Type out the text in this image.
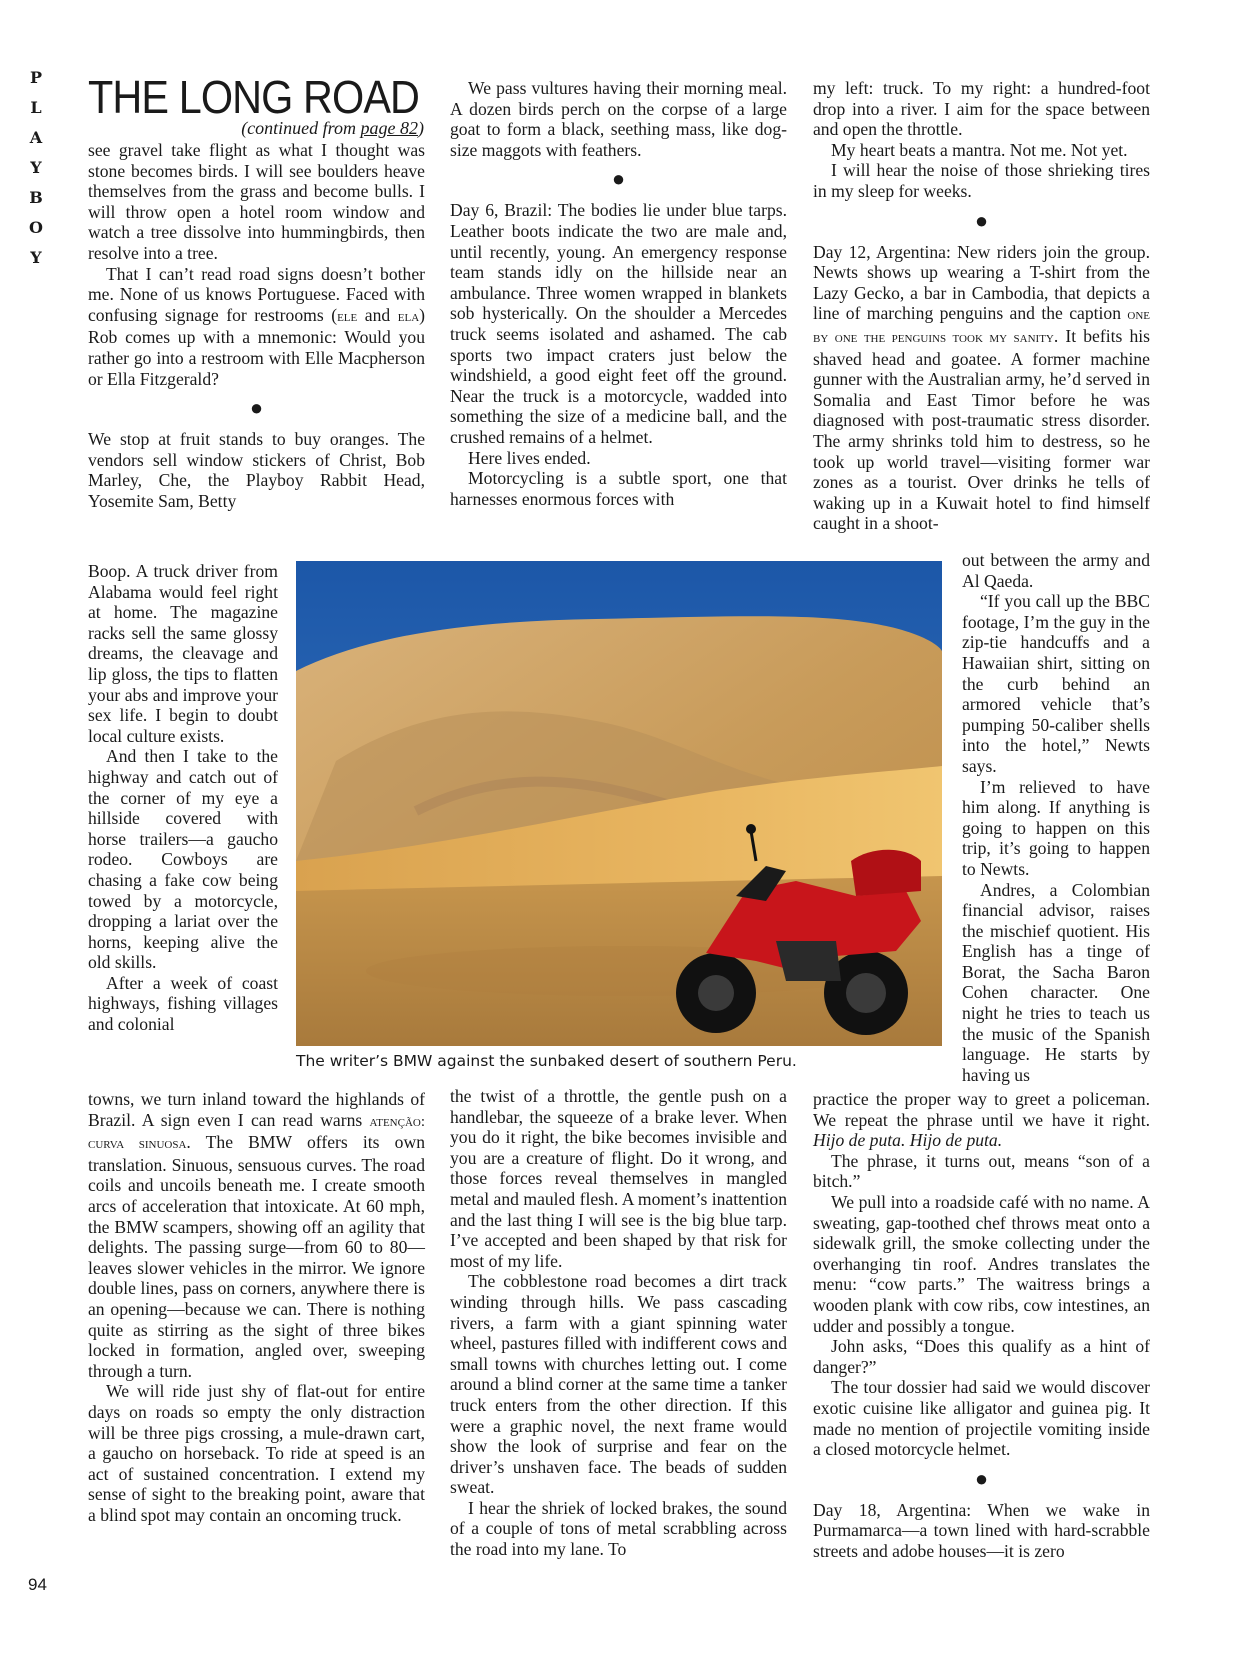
P
L
A
Y
B
O
Y
THE LONG ROAD
(continued from page 82)

see gravel take flight as what I thought was stone becomes birds. I will see boulders heave themselves from the grass and become bulls. I will throw open a hotel room window and watch a tree dissolve into hummingbirds, then resolve into a tree.

That I can’t read road signs doesn’t bother me. None of us knows Portuguese. Faced with confusing signage for restrooms (ele and ela) Rob comes up with a mnemonic: Would you rather go into a restroom with Elle Macpherson or Ella Fitzgerald?

●

We stop at fruit stands to buy oranges. The vendors sell window stickers of Christ, Bob Marley, Che, the Playboy Rabbit Head, Yosemite Sam, Betty

Boop. A truck driver from Alabama would feel right at home. The magazine racks sell the same glossy dreams, the cleavage and lip gloss, the tips to flatten your abs and improve your sex life. I begin to doubt local culture exists.

And then I take to the highway and catch out of the corner of my eye a hillside covered with horse trailers—a gaucho rodeo. Cowboys are chasing a fake cow being towed by a motorcycle, dropping a lariat over the horns, keeping alive the old skills.

After a week of coast highways, fishing villages and colonial

towns, we turn inland toward the highlands of Brazil. A sign even I can read warns atenção: curva sinuosa. The BMW offers its own translation. Sinuous, sensuous curves. The road coils and uncoils beneath me. I create smooth arcs of acceleration that intoxicate. At 60 mph, the BMW scampers, showing off an agility that delights. The passing surge—from 60 to 80—leaves slower vehicles in the mirror. We ignore double lines, pass on corners, anywhere there is an opening—because we can. There is nothing quite as stirring as the sight of three bikes locked in formation, angled over, sweeping through a turn.

We will ride just shy of flat-out for entire days on roads so empty the only distraction will be three pigs crossing, a mule-drawn cart, a gaucho on horseback. To ride at speed is an act of sustained concentration. I extend my sense of sight to the breaking point, aware that a blind spot may contain an oncoming truck.

We pass vultures having their morning meal. A dozen birds perch on the corpse of a large goat to form a black, seething mass, like dog-size maggots with feathers.

●

Day 6, Brazil: The bodies lie under blue tarps. Leather boots indicate the two are male and, until recently, young. An emergency response team stands idly on the hillside near an ambulance. Three women wrapped in blankets sob hysterically. On the shoulder a Mercedes truck seems isolated and ashamed. The cab sports two impact craters just below the windshield, a good eight feet off the ground. Near the truck is a motorcycle, wadded into something the size of a medicine ball, and the crushed remains of a helmet.

Here lives ended.

Motorcycling is a subtle sport, one that harnesses enormous forces with

the twist of a throttle, the gentle push on a handlebar, the squeeze of a brake lever. When you do it right, the bike becomes invisible and you are a creature of flight. Do it wrong, and those forces reveal themselves in mangled metal and mauled flesh. A moment’s inattention and the last thing I will see is the big blue tarp. I’ve accepted and been shaped by that risk for most of my life.

The cobblestone road becomes a dirt track winding through hills. We pass cascading rivers, a farm with a giant spinning water wheel, pastures filled with indifferent cows and small towns with churches letting out. I come around a blind corner at the same time a tanker truck enters from the other direction. If this were a graphic novel, the next frame would show the look of surprise and fear on the driver’s unshaven face. The beads of sudden sweat.

I hear the shriek of locked brakes, the sound of a couple of tons of metal scrabbling across the road into my lane. To

my left: truck. To my right: a hundred-foot drop into a river. I aim for the space between and open the throttle.

My heart beats a mantra. Not me. Not yet.

I will hear the noise of those shrieking tires in my sleep for weeks.

●

Day 12, Argentina: New riders join the group. Newts shows up wearing a T-shirt from the Lazy Gecko, a bar in Cambodia, that depicts a line of marching penguins and the caption one by one the penguins took my sanity. It befits his shaved head and goatee. A former machine gunner with the Australian army, he’d served in Somalia and East Timor before he was diagnosed with post-traumatic stress disorder. The army shrinks told him to destress, so he took up world travel—visiting former war zones as a tourist. Over drinks he tells of waking up in a Kuwait hotel to find himself caught in a shoot-

out between the army and Al Qaeda.

“If you call up the BBC footage, I’m the guy in the zip-tie handcuffs and a Hawaiian shirt, sitting on the curb behind an armored vehicle that’s pumping 50-caliber shells into the hotel,” Newts says.

I’m relieved to have him along. If anything is going to happen on this trip, it’s going to happen to Newts.

Andres, a Colombian financial advisor, raises the mischief quotient. His English has a tinge of Borat, the Sacha Baron Cohen character. One night he tries to teach us the music of the Spanish language. He starts by having us

practice the proper way to greet a policeman. We repeat the phrase until we have it right. Hijo de puta. Hijo de puta.

The phrase, it turns out, means “son of a bitch.”

We pull into a roadside café with no name. A sweating, gap-toothed chef throws meat onto a sidewalk grill, the smoke collecting under the overhanging tin roof. Andres translates the menu: “cow parts.” The waitress brings a wooden plank with cow ribs, cow intestines, an udder and possibly a tongue.

John asks, “Does this qualify as a hint of danger?”

The tour dossier had said we would discover exotic cuisine like alligator and guinea pig. It made no mention of projectile vomiting inside a closed motorcycle helmet.

●

Day 18, Argentina: When we wake in Purmamarca—a town lined with hard-scrabble streets and adobe houses—it is zero

The writer’s BMW against the sunbaked desert of southern Peru.
94
